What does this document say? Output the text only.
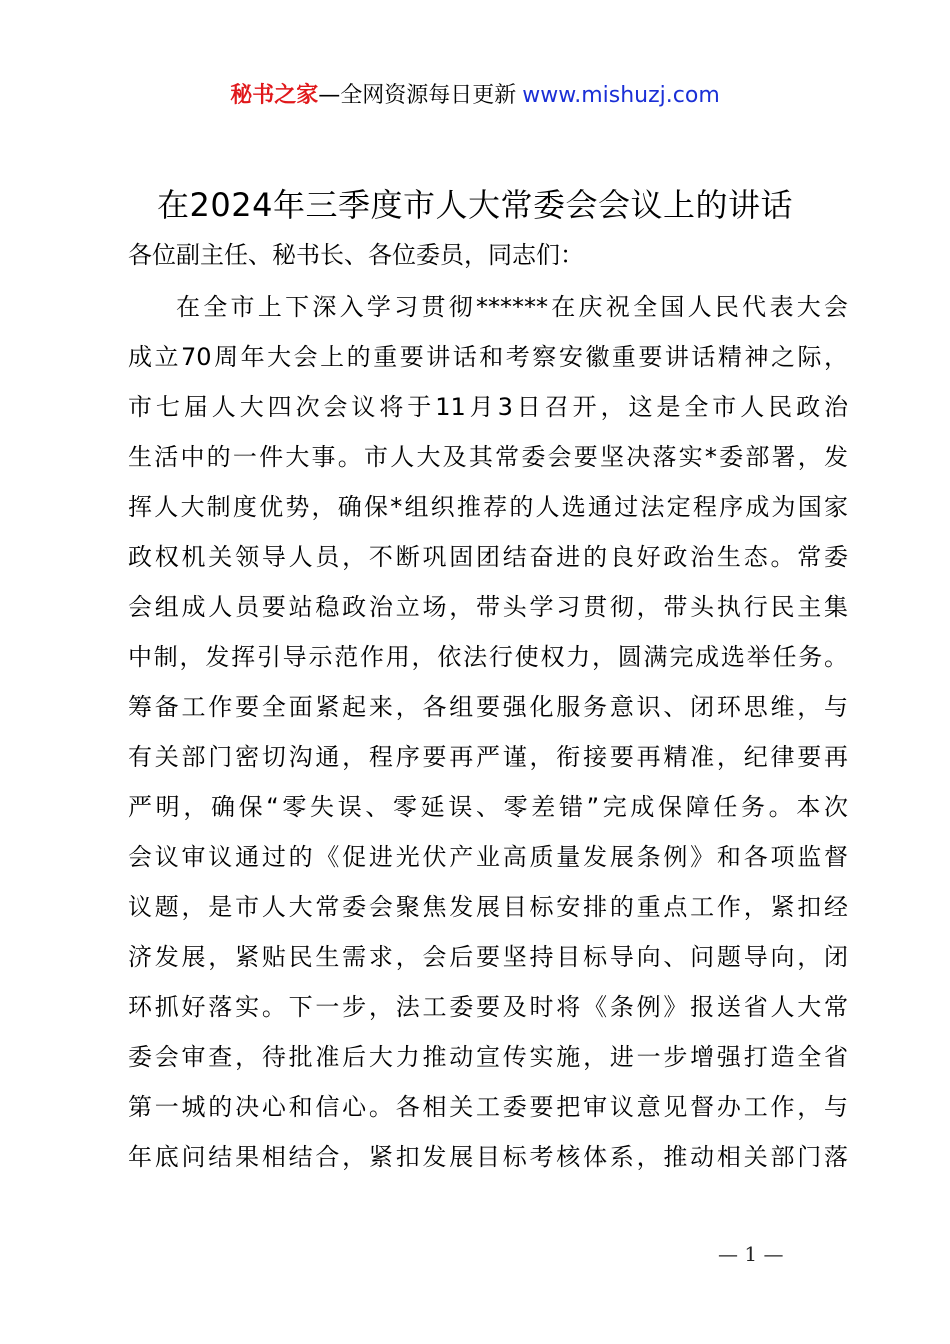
秘书之家—全网资源每日更新 www.mishuzj.com
在2024年三季度市人大常委会会议上的讲话
各位副主任、秘书长、各位委员，同志们：
在全市上下深入学习贯彻******在庆祝全国人民代表大会
成立70周年大会上的重要讲话和考察安徽重要讲话精神之际，
市七届人大四次会议将于11月3日召开，这是全市人民政治
生活中的一件大事。市人大及其常委会要坚决落实*委部署，发
挥人大制度优势，确保*组织推荐的人选通过法定程序成为国家
政权机关领导人员，不断巩固团结奋进的良好政治生态。常委
会组成人员要站稳政治立场，带头学习贯彻，带头执行民主集
中制，发挥引导示范作用，依法行使权力，圆满完成选举任务。
筹备工作要全面紧起来，各组要强化服务意识、闭环思维，与
有关部门密切沟通，程序要再严谨，衔接要再精准，纪律要再
严明，确保“零失误、零延误、零差错”完成保障任务。本次
会议审议通过的《促进光伏产业高质量发展条例》和各项监督
议题，是市人大常委会聚焦发展目标安排的重点工作，紧扣经
济发展，紧贴民生需求，会后要坚持目标导向、问题导向，闭
环抓好落实。下一步，法工委要及时将《条例》报送省人大常
委会审查，待批准后大力推动宣传实施，进一步增强打造全省
第一城的决心和信心。各相关工委要把审议意见督办工作，与
年底问结果相结合，紧扣发展目标考核体系，推动相关部门落
— 1 —
